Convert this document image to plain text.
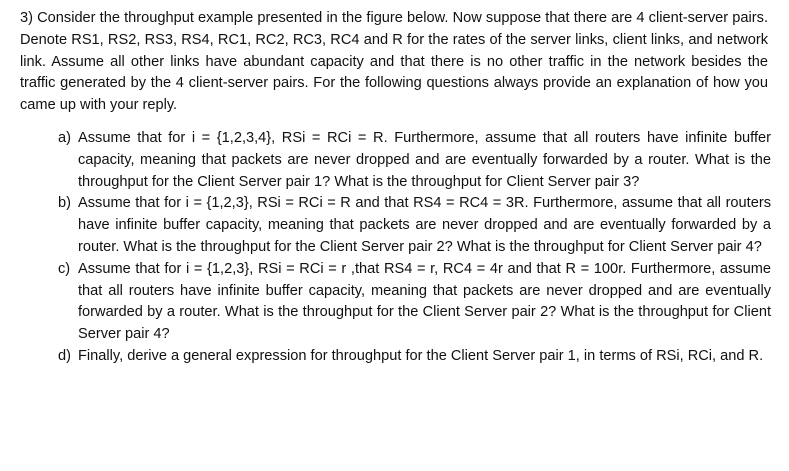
3) Consider the throughput example presented in the figure below. Now suppose that there are 4 client-server pairs. Denote RS1, RS2, RS3, RS4, RC1, RC2, RC3, RC4 and R for the rates of the server links, client links, and network link. Assume all other links have abundant capacity and that there is no other traffic in the network besides the traffic generated by the 4 client-server pairs. For the following questions always provide an explanation of how you came up with your reply.

a) Assume that for i = {1,2,3,4}, RSi = RCi = R. Furthermore, assume that all routers have infinite buffer capacity, meaning that packets are never dropped and are eventually forwarded by a router. What is the throughput for the Client Server pair 1? What is the throughput for Client Server pair 3?
b) Assume that for i = {1,2,3}, RSi = RCi = R and that RS4 = RC4 = 3R. Furthermore, assume that all routers have infinite buffer capacity, meaning that packets are never dropped and are eventually forwarded by a router. What is the throughput for the Client Server pair 2? What is the throughput for Client Server pair 4?
c) Assume that for i = {1,2,3}, RSi = RCi = r ,that RS4 = r, RC4 = 4r and that R = 100r. Furthermore, assume that all routers have infinite buffer capacity, meaning that packets are never dropped and are eventually forwarded by a router. What is the throughput for the Client Server pair 2? What is the throughput for Client Server pair 4?
d) Finally, derive a general expression for throughput for the Client Server pair 1, in terms of RSi, RCi, and R.
